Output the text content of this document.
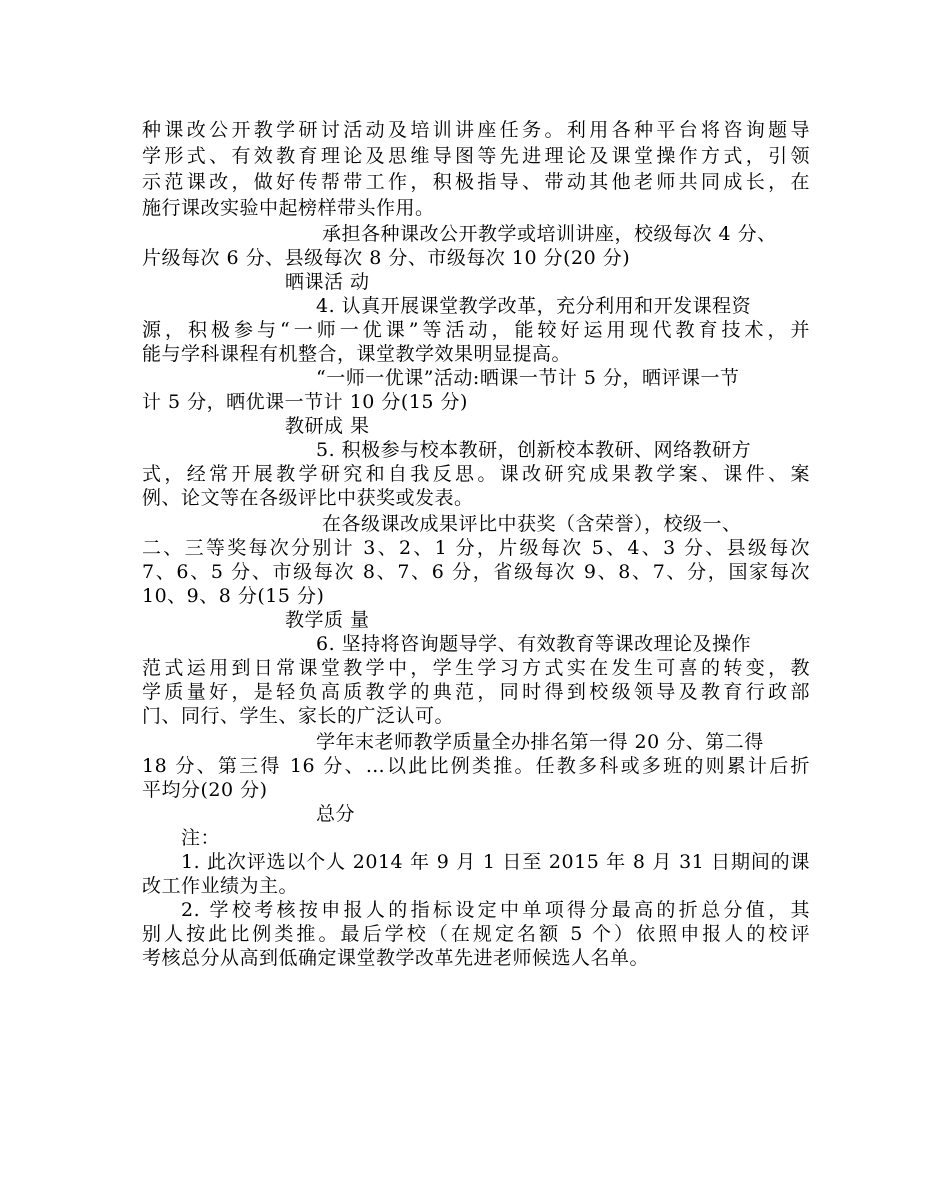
种课改公开教学研讨活动及培训讲座任务。利用各种平台将咨询题导
学形式、有效教育理论及思维导图等先进理论及课堂操作方式，引领
示范课改，做好传帮带工作，积极指导、带动其他老师共同成长，在
施行课改实验中起榜样带头作用。
承担各种课改公开教学或培训讲座，校级每次 4 分、
片级每次 6 分、县级每次 8 分、市级每次 10 分(20 分)
晒课活 动
4. 认真开展课堂教学改革，充分利用和开发课程资
源，积极参与“一师一优课”等活动，能较好运用现代教育技术，并
能与学科课程有机整合，课堂教学效果明显提高。
“一师一优课”活动:晒课一节计 5 分，晒评课一节
计 5 分，晒优课一节计 10 分(15 分)
教研成 果
5. 积极参与校本教研，创新校本教研、网络教研方
式，经常开展教学研究和自我反思。课改研究成果教学案、课件、案
例、论文等在各级评比中获奖或发表。
在各级课改成果评比中获奖（含荣誉），校级一、
二、三等奖每次分别计 3、2、1 分，片级每次 5、4、3 分、县级每次
7、6、5 分、市级每次 8、7、6 分，省级每次 9、8、7、分，国家每次
10、9、8 分(15 分)
教学质 量
6. 坚持将咨询题导学、有效教育等课改理论及操作
范式运用到日常课堂教学中，学生学习方式实在发生可喜的转变，教
学质量好，是轻负高质教学的典范，同时得到校级领导及教育行政部
门、同行、学生、家长的广泛认可。
学年末老师教学质量全办排名第一得 20 分、第二得
18 分、第三得 16 分、…以此比例类推。任教多科或多班的则累计后折
平均分(20 分)
总分
注：
1. 此次评选以个人 2014 年 9 月 1 日至 2015 年 8 月 31 日期间的课
改工作业绩为主。
2. 学校考核按申报人的指标设定中单项得分最高的折总分值，其
别人按此比例类推。最后学校（在规定名额 5 个）依照申报人的校评
考核总分从高到低确定课堂教学改革先进老师候选人名单。
